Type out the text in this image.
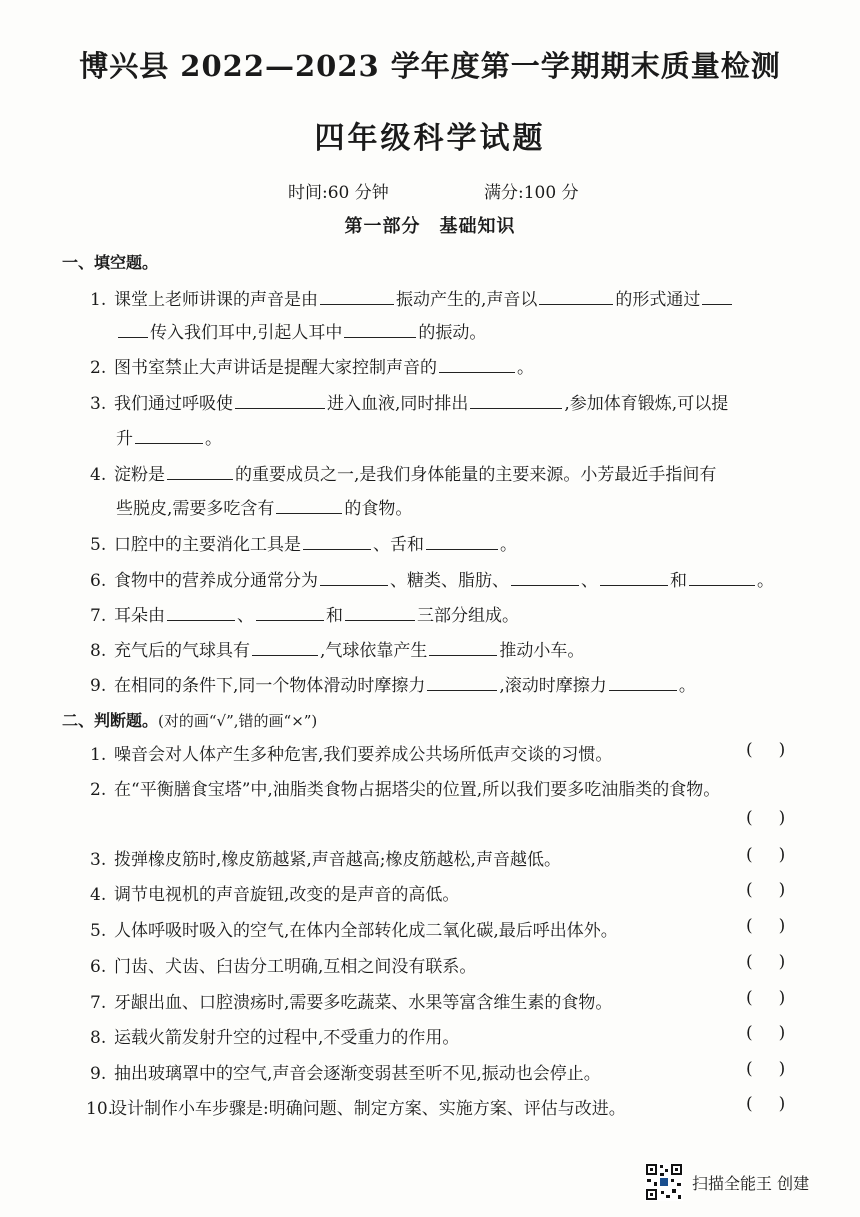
博兴县 2022—2023 学年度第一学期期末质量检测
四年级科学试题
时间:60 分钟	满分:100 分
第一部分　基础知识
一、填空题。
1. 课堂上老师讲课的声音是由	振动产生的,声音以	的形式通过
传入我们耳中,引起人耳中	的振动。
2. 图书室禁止大声讲话是提醒大家控制声音的	。
3. 我们通过呼吸使	进入血液,同时排出	,参加体育锻炼,可以提
升	。
4. 淀粉是	的重要成员之一,是我们身体能量的主要来源。小芳最近手指间有
些脱皮,需要多吃含有	的食物。
5. 口腔中的主要消化工具是	、舌和	。
6. 食物中的营养成分通常分为	、糖类、脂肪、	、	和	。
7. 耳朵由	、	和	三部分组成。
8. 充气后的气球具有	,气球依靠产生	推动小车。
9. 在相同的条件下,同一个物体滑动时摩擦力	,滚动时摩擦力	。
二、判断题。(对的画“√”,错的画“×”)
1. 噪音会对人体产生多种危害,我们要养成公共场所低声交谈的习惯。	()
2. 在“平衡膳食宝塔”中,油脂类食物占据塔尖的位置,所以我们要多吃油脂类的食物。
()
3. 拨弹橡皮筋时,橡皮筋越紧,声音越高;橡皮筋越松,声音越低。	()
4. 调节电视机的声音旋钮,改变的是声音的高低。	()
5. 人体呼吸时吸入的空气,在体内全部转化成二氧化碳,最后呼出体外。	()
6. 门齿、犬齿、臼齿分工明确,互相之间没有联系。	()
7. 牙龈出血、口腔溃疡时,需要多吃蔬菜、水果等富含维生素的食物。	()
8. 运载火箭发射升空的过程中,不受重力的作用。	()
9. 抽出玻璃罩中的空气,声音会逐渐变弱甚至听不见,振动也会停止。	()
10.设计制作小车步骤是:明确问题、制定方案、实施方案、评估与改进。	()
扫描全能王 创建
